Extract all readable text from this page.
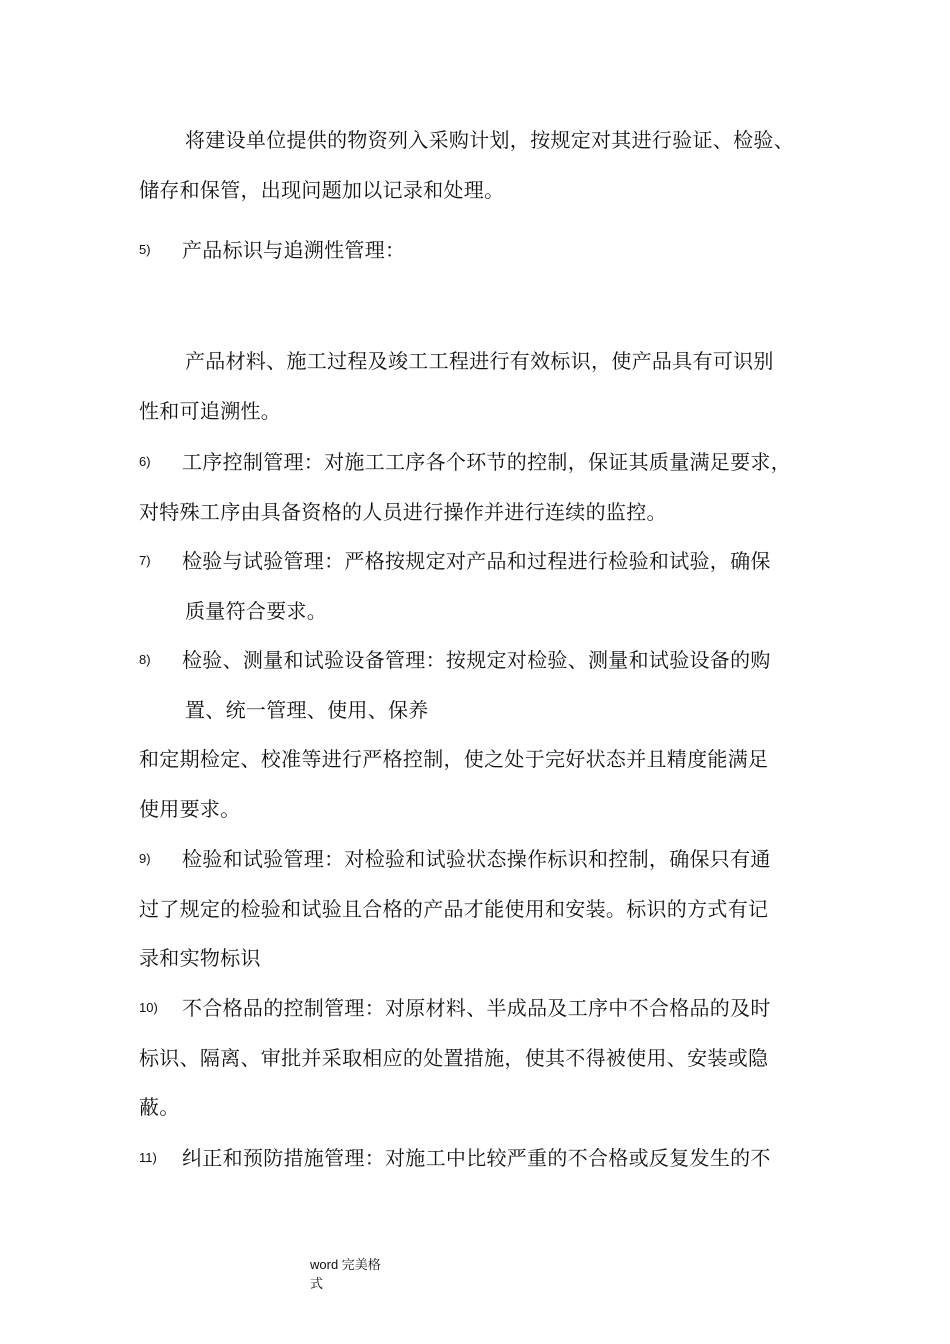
将建设单位提供的物资列入采购计划，按规定对其进行验证、检验、
储存和保管，出现问题加以记录和处理。
5) 产品标识与追溯性管理：
产品材料、施工过程及竣工工程进行有效标识，使产品具有可识别
性和可追溯性。
6) 工序控制管理：对施工工序各个环节的控制，保证其质量满足要求，
对特殊工序由具备资格的人员进行操作并进行连续的监控。
7) 检验与试验管理：严格按规定对产品和过程进行检验和试验，确保
质量符合要求。
8) 检验、测量和试验设备管理：按规定对检验、测量和试验设备的购
置、统一管理、使用、保养
和定期检定、校准等进行严格控制，使之处于完好状态并且精度能满足
使用要求。
9) 检验和试验管理：对检验和试验状态操作标识和控制，确保只有通
过了规定的检验和试验且合格的产品才能使用和安装。标识的方式有记
录和实物标识
10) 不合格品的控制管理：对原材料、半成品及工序中不合格品的及时
标识、隔离、审批并采取相应的处置措施，使其不得被使用、安装或隐
蔽。
11) 纠正和预防措施管理：对施工中比较严重的不合格或反复发生的不
word 完美格
式
